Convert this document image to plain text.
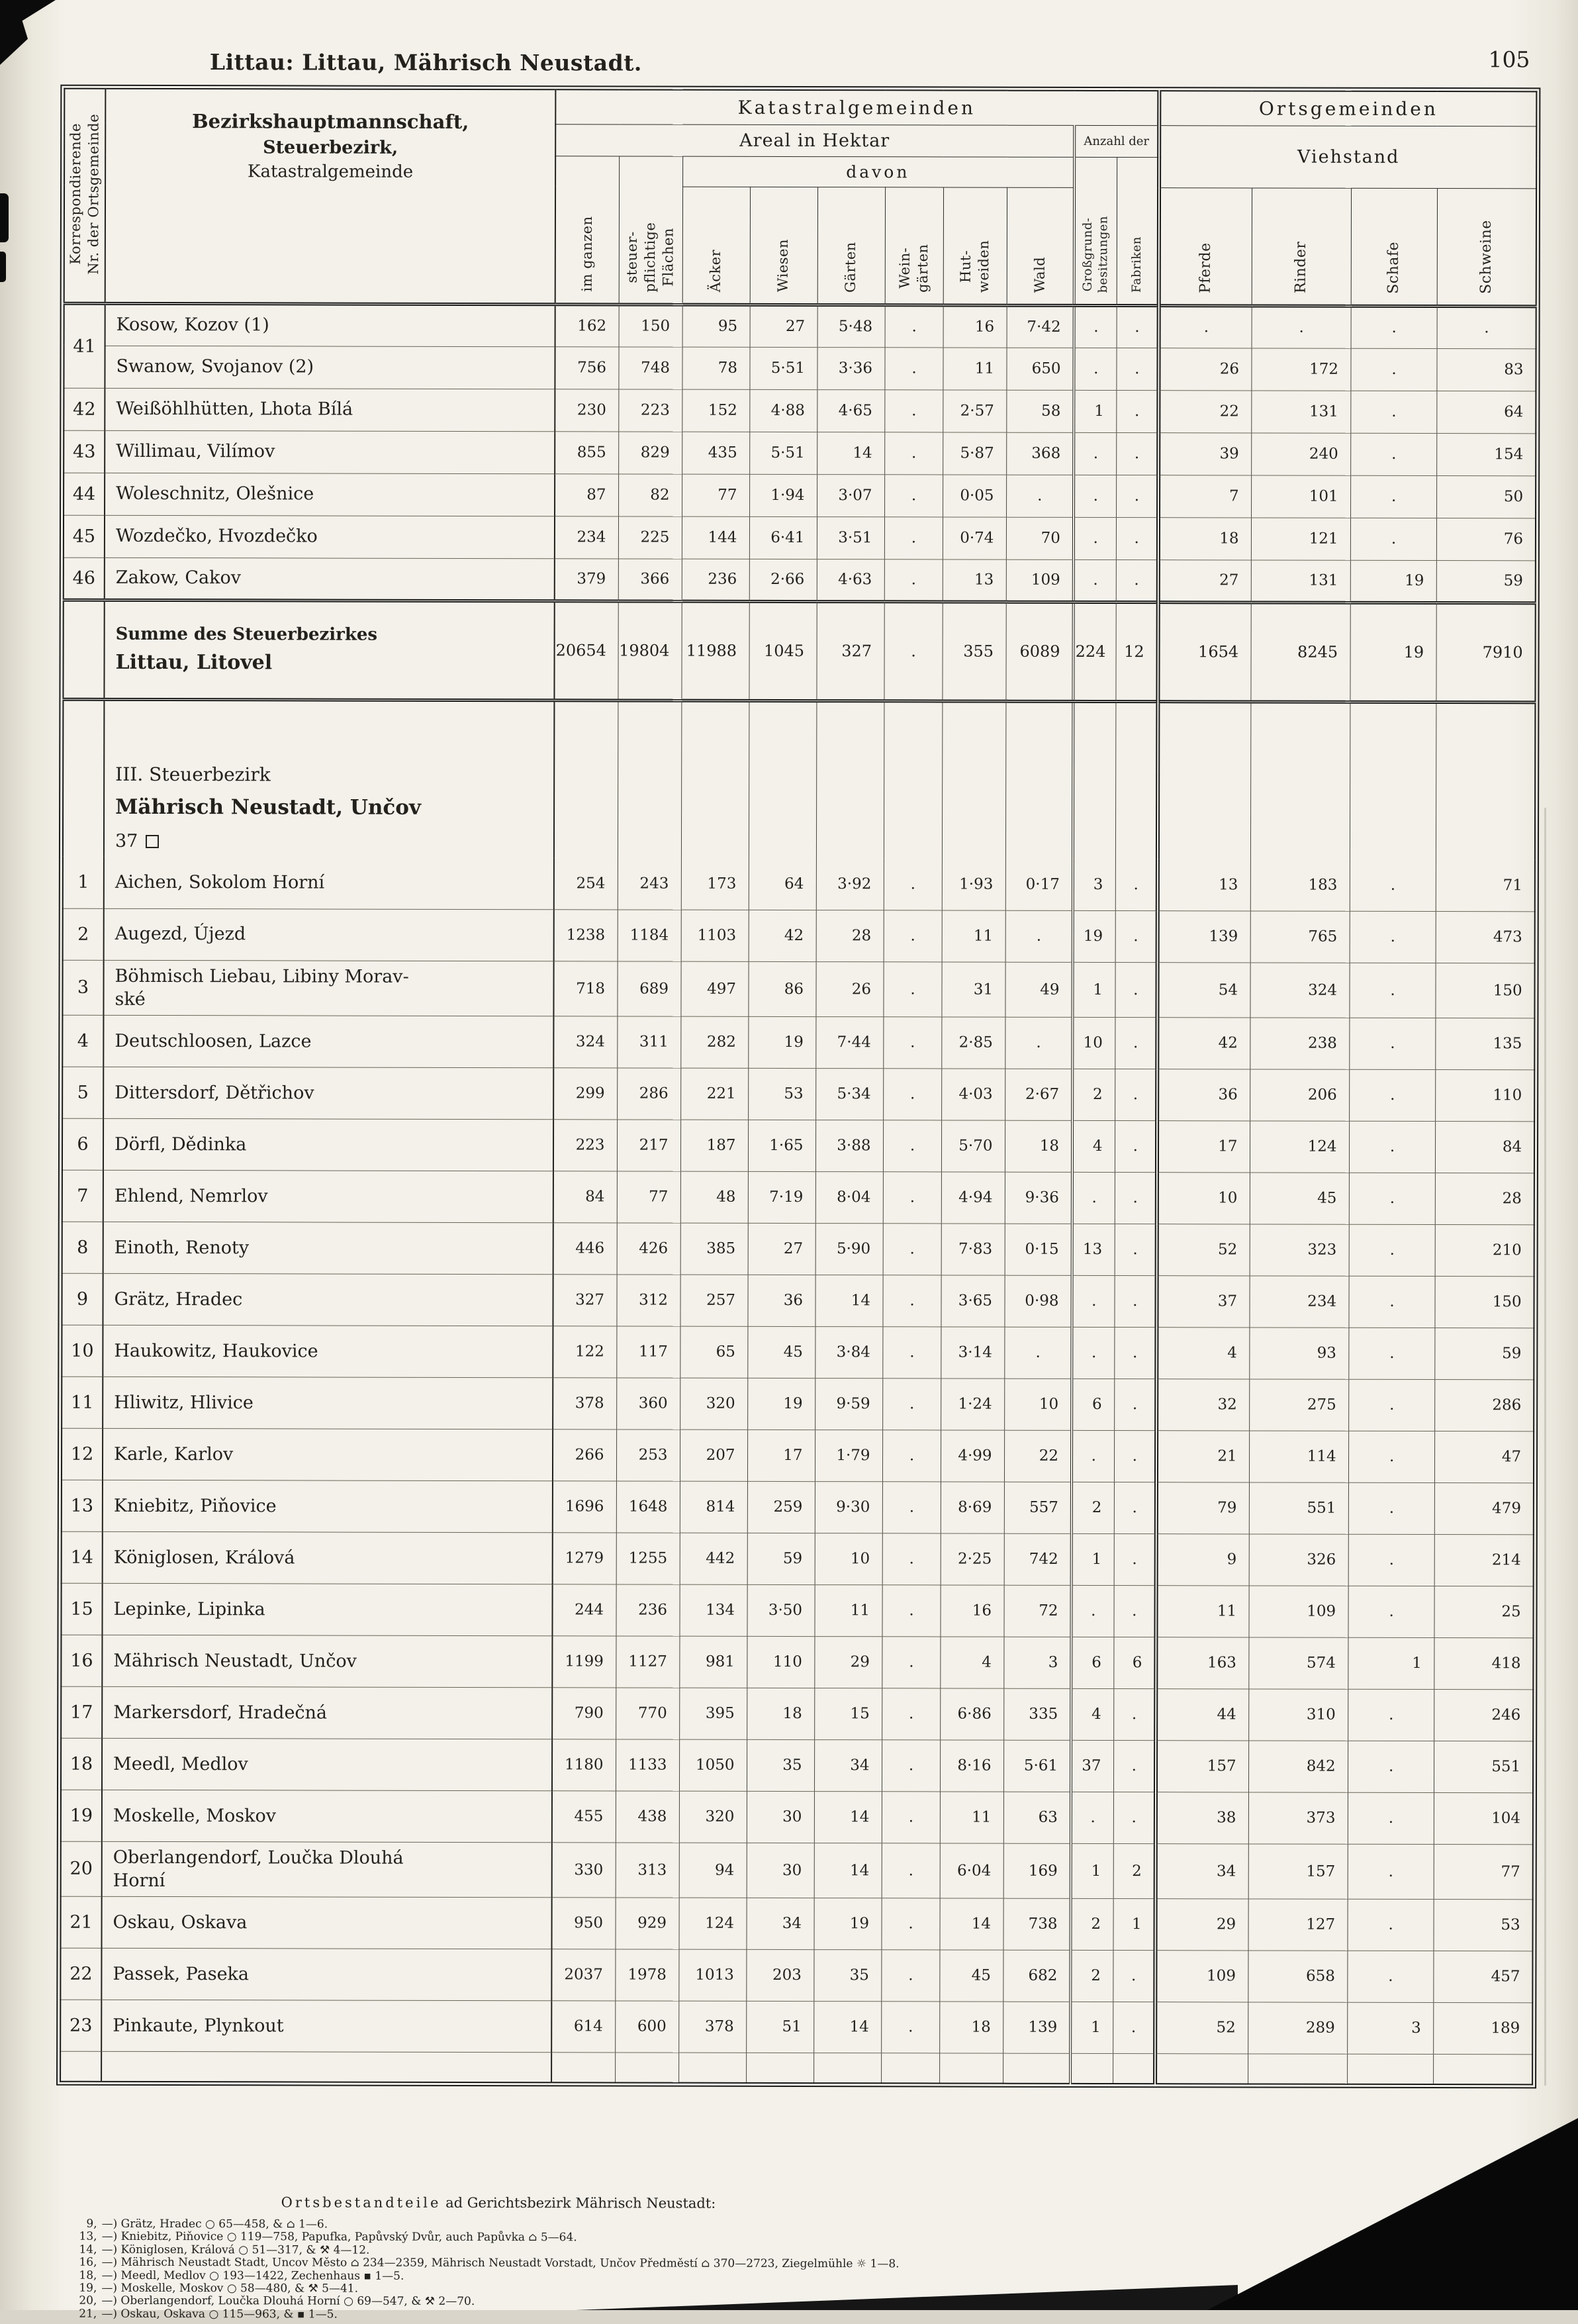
Littau: Littau, Mährisch Neustadt.	105
Korrespondierende
Nr. der Ortsgemeinde	Bezirkshauptmannschaft,
Steuerbezirk,
Katastralgemeinde
	Katastralgemeinden	Ortsgemeinden
		Areal in Hektar								Anzahl der		Viehstand			
		im ganzen	steuer-
pflichtige
Flächen	davon						Großgrund-
besitzungen	Fabriken				
				Äcker	Wiesen	Gärten	Wein-
gärten	Hut-
weiden	Wald			Pferde	Rinder	Schafe	Schweine
41	Kosow, Kozov (1)	162	150	95	27	5·48	.	16	7·42	.	.	.	.	.	.
	Swanow, Svojanov (2)	756	748	78	5·51	3·36	.	11	650	.	.	26	172	.	83
42	Weißöhlhütten, Lhota Bílá	230	223	152	4·88	4·65	.	2·57	58	1	.	22	131	.	64
43	Willimau, Vilímov	855	829	435	5·51	14	.	5·87	368	.	.	39	240	.	154
44	Woleschnitz, Olešnice	87	82	77	1·94	3·07	.	0·05	.	.	.	7	101	.	50
45	Wozdečko, Hvozdečko	234	225	144	6·41	3·51	.	0·74	70	.	.	18	121	.	76
46	Zakow, Cakov	379	366	236	2·66	4·63	.	13	109	.	.	27	131	19	59

	Summe des Steuerbezirkes
Littau, Litovel	20654	19804	11988	1045	327	.	355	6089	224	12	1654	8245	19	7910

	III. Steuerbezirk
Mährisch Neustadt, Unčov
37														

1	Aichen, Sokolom Horní	254	243	173	64	3·92	.	1·93	0·17	3	.	13	183	.	71
2	Augezd, Újezd	1238	1184	1103	42	28	.	11	.	19	.	139	765	.	473
3	Böhmisch Liebau, Libiny Morav-
ské	718	689	497	86	26	.	31	49	1	.	54	324	.	150
4	Deutschloosen, Lazce	324	311	282	19	7·44	.	2·85	.	10	.	42	238	.	135
5	Dittersdorf, Dětřichov	299	286	221	53	5·34	.	4·03	2·67	2	.	36	206	.	110
6	Dörfl, Dědinka	223	217	187	1·65	3·88	.	5·70	18	4	.	17	124	.	84
7	Ehlend, Nemrlov	84	77	48	7·19	8·04	.	4·94	9·36	.	.	10	45	.	28
8	Einoth, Renoty	446	426	385	27	5·90	.	7·83	0·15	13	.	52	323	.	210
9	Grätz, Hradec	327	312	257	36	14	.	3·65	0·98	.	.	37	234	.	150
10	Haukowitz, Haukovice	122	117	65	45	3·84	.	3·14	.	.	.	4	93	.	59
11	Hliwitz, Hlivice	378	360	320	19	9·59	.	1·24	10	6	.	32	275	.	286
12	Karle, Karlov	266	253	207	17	1·79	.	4·99	22	.	.	21	114	.	47
13	Kniebitz, Piňovice	1696	1648	814	259	9·30	.	8·69	557	2	.	79	551	.	479
14	Königlosen, Králová	1279	1255	442	59	10	.	2·25	742	1	.	9	326	.	214
15	Lepinke, Lipinka	244	236	134	3·50	11	.	16	72	.	.	11	109	.	25
16	Mährisch Neustadt, Unčov	1199	1127	981	110	29	.	4	3	6	6	163	574	1	418
17	Markersdorf, Hradečná	790	770	395	18	15	.	6·86	335	4	.	44	310	.	246
18	Meedl, Medlov	1180	1133	1050	35	34	.	8·16	5·61	37	.	157	842	.	551
19	Moskelle, Moskov	455	438	320	30	14	.	11	63	.	.	38	373	.	104
20	Oberlangendorf, Loučka Dlouhá
Horní	330	313	94	30	14	.	6·04	169	1	2	34	157	.	77
21	Oskau, Oskava	950	929	124	34	19	.	14	738	2	1	29	127	.	53
22	Passek, Paseka	2037	1978	1013	203	35	.	45	682	2	.	109	658	.	457
23	Pinkaute, Plynkout	614	600	378	51	14	.	18	139	1	.	52	289	3	189

Ortsbestandteile ad Gerichtsbezirk Mährisch Neustadt:
9, —) Grätz, Hradec ○ 65—458, & ⌂ 1—6.
13, —) Kniebitz, Piňovice ○ 119—758, Papufka, Papůvský Dvůr, auch Papůvka ⌂ 5—64.
14, —) Königlosen, Králová ○ 51—317, & ⚒ 4—12.
16, —) Mährisch Neustadt Stadt, Uncov Město ⌂ 234—2359, Mährisch Neustadt Vorstadt, Unčov Předměstí ⌂ 370—2723, Ziegelmühle ☼ 1—8.
18, —) Meedl, Medlov ○ 193—1422, Zechenhaus ▪ 1—5.
19, —) Moskelle, Moskov ○ 58—480, & ⚒ 5—41.
20, —) Oberlangendorf, Loučka Dlouhá Horní ○ 69—547, & ⚒ 2—70.
21, —) Oskau, Oskava ○ 115—963, & ▪ 1—5.
